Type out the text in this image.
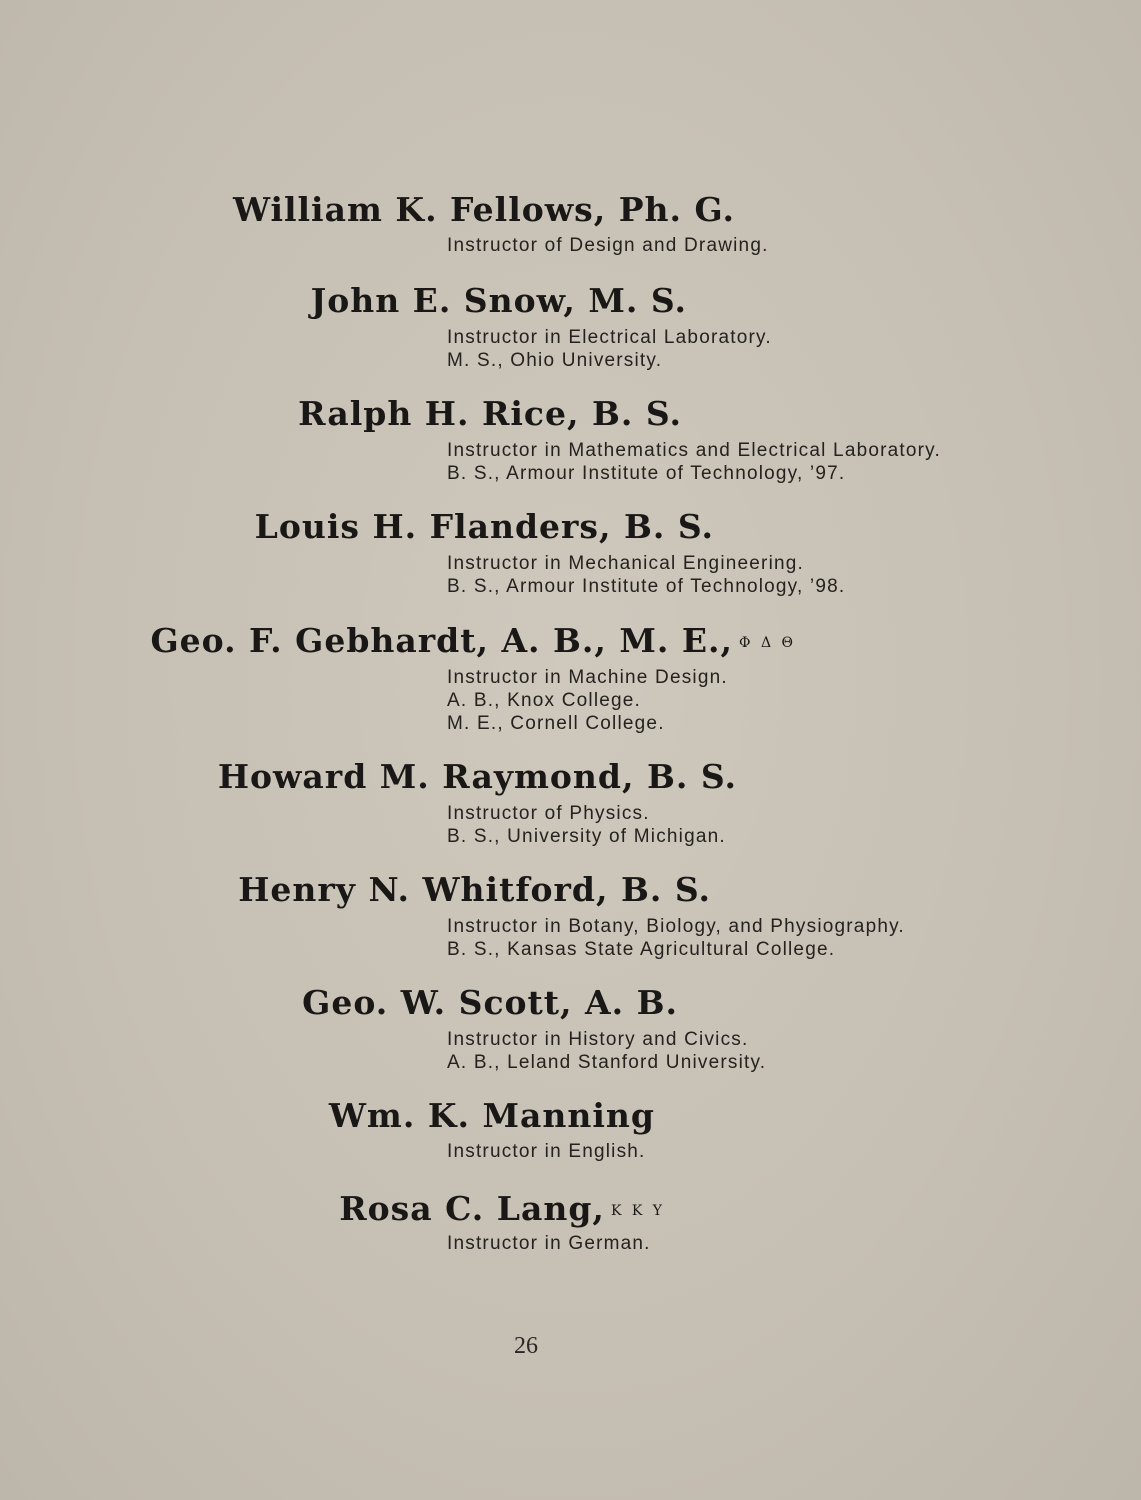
William K. Fellows, Ph. G.
Instructor of Design and Drawing.
John E. Snow, M. S.
Instructor in Electrical Laboratory.
M. S., Ohio University.
Ralph H. Rice, B. S.
Instructor in Mathematics and Electrical Laboratory.
B. S., Armour Institute of Technology, ’97.
Louis H. Flanders, B. S.
Instructor in Mechanical Engineering.
B. S., Armour Institute of Technology, ’98.
Geo. F. Gebhardt, A. B., M. E., Φ Δ Θ
Instructor in Machine Design.
A. B., Knox College.
M. E., Cornell College.
Howard M. Raymond, B. S.
Instructor of Physics.
B. S., University of Michigan.
Henry N. Whitford, B. S.
Instructor in Botany, Biology, and Physiography.
B. S., Kansas State Agricultural College.
Geo. W. Scott, A. B.
Instructor in History and Civics.
A. B., Leland Stanford University.
Wm. K. Manning
Instructor in English.
Rosa C. Lang, Κ Κ Υ
Instructor in German.
26
